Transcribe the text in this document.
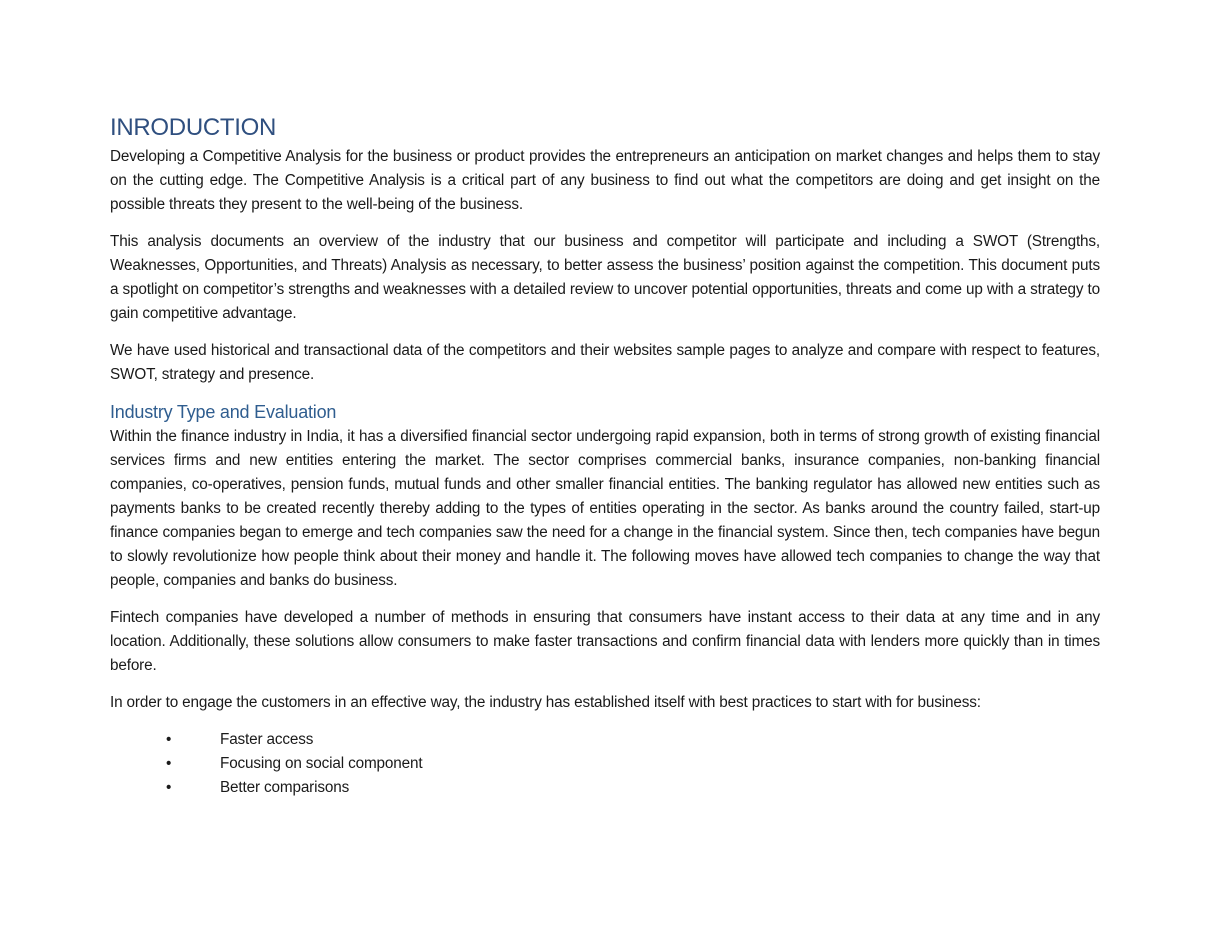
INRODUCTION

Developing a Competitive Analysis for the business or product provides the entrepreneurs an anticipation on market changes and helps them to stay on the cutting edge. The Competitive Analysis is a critical part of any business to find out what the competitors are doing and get insight on the possible threats they present to the well-being of the business.

This analysis documents an overview of the industry that our business and competitor will participate and including a SWOT (Strengths, Weaknesses, Opportunities, and Threats) Analysis as necessary, to better assess the business’ position against the competition. This document puts a spotlight on competitor’s strengths and weaknesses with a detailed review to uncover potential opportunities, threats and come up with a strategy to gain competitive advantage.

We have used historical and transactional data of the competitors and their websites sample pages to analyze and compare with respect to features, SWOT, strategy and presence.

Industry Type and Evaluation

Within the finance industry in India, it has a diversified financial sector undergoing rapid expansion, both in terms of strong growth of existing financial services firms and new entities entering the market. The sector comprises commercial banks, insurance companies, non-banking financial companies, co-operatives, pension funds, mutual funds and other smaller financial entities. The banking regulator has allowed new entities such as payments banks to be created recently thereby adding to the types of entities operating in the sector. As banks around the country failed, start-up finance companies began to emerge and tech companies saw the need for a change in the financial system. Since then, tech companies have begun to slowly revolutionize how people think about their money and handle it. The following moves have allowed tech companies to change the way that people, companies and banks do business.

Fintech companies have developed a number of methods in ensuring that consumers have instant access to their data at any time and in any location. Additionally, these solutions allow consumers to make faster transactions and confirm financial data with lenders more quickly than in times before.

In order to engage the customers in an effective way, the industry has established itself with best practices to start with for business:

•	Faster access
•	Focusing on social component
•	Better comparisons
